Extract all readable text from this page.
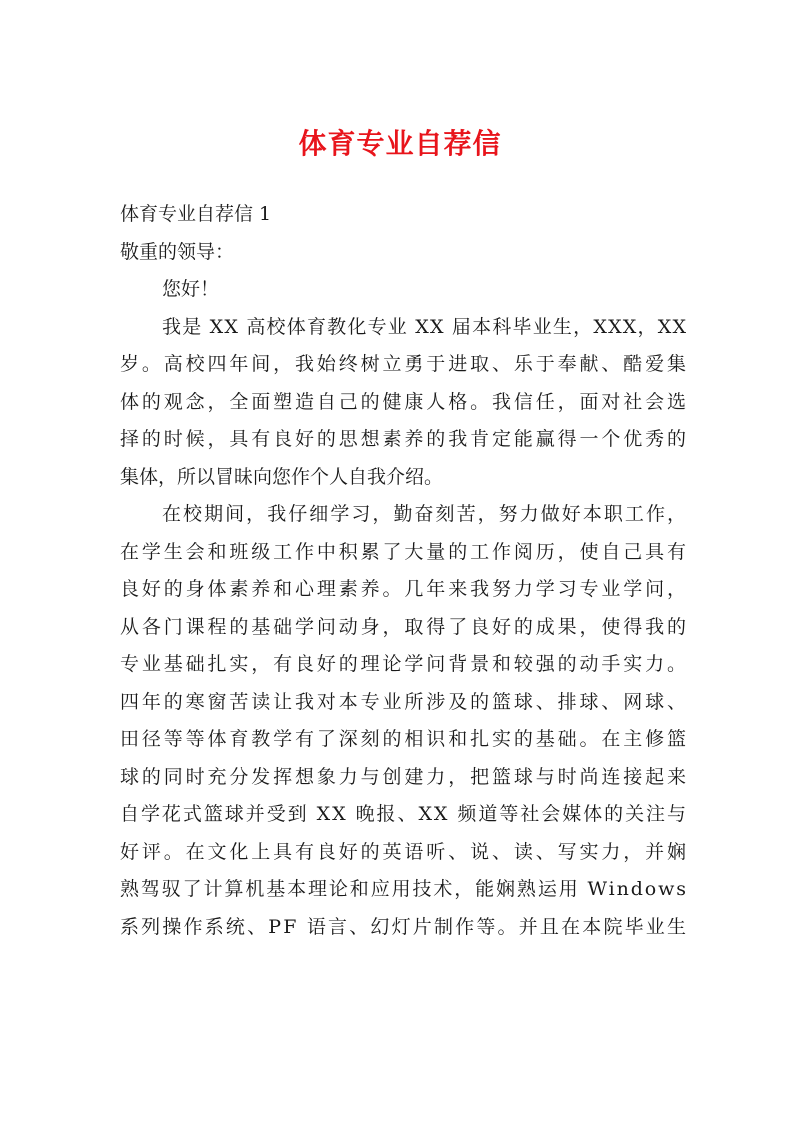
体育专业自荐信
体育专业自荐信 1
敬重的领导：
您好！
我是 XX 高校体育教化专业 XX 届本科毕业生，XXX，XX
岁。高校四年间，我始终树立勇于进取、乐于奉献、酷爱集
体的观念，全面塑造自己的健康人格。我信任，面对社会选
择的时候，具有良好的思想素养的我肯定能赢得一个优秀的
集体，所以冒昧向您作个人自我介绍。
在校期间，我仔细学习，勤奋刻苦，努力做好本职工作，
在学生会和班级工作中积累了大量的工作阅历，使自己具有
良好的身体素养和心理素养。几年来我努力学习专业学问，
从各门课程的基础学问动身，取得了良好的成果，使得我的
专业基础扎实，有良好的理论学问背景和较强的动手实力。
四年的寒窗苦读让我对本专业所涉及的篮球、排球、网球、
田径等等体育教学有了深刻的相识和扎实的基础。在主修篮
球的同时充分发挥想象力与创建力，把篮球与时尚连接起来
自学花式篮球并受到 XX 晚报、XX 频道等社会媒体的关注与
好评。在文化上具有良好的英语听、说、读、写实力，并娴
熟驾驭了计算机基本理论和应用技术，能娴熟运用 Windows
系列操作系统、PF 语言、幻灯片制作等。并且在本院毕业生
